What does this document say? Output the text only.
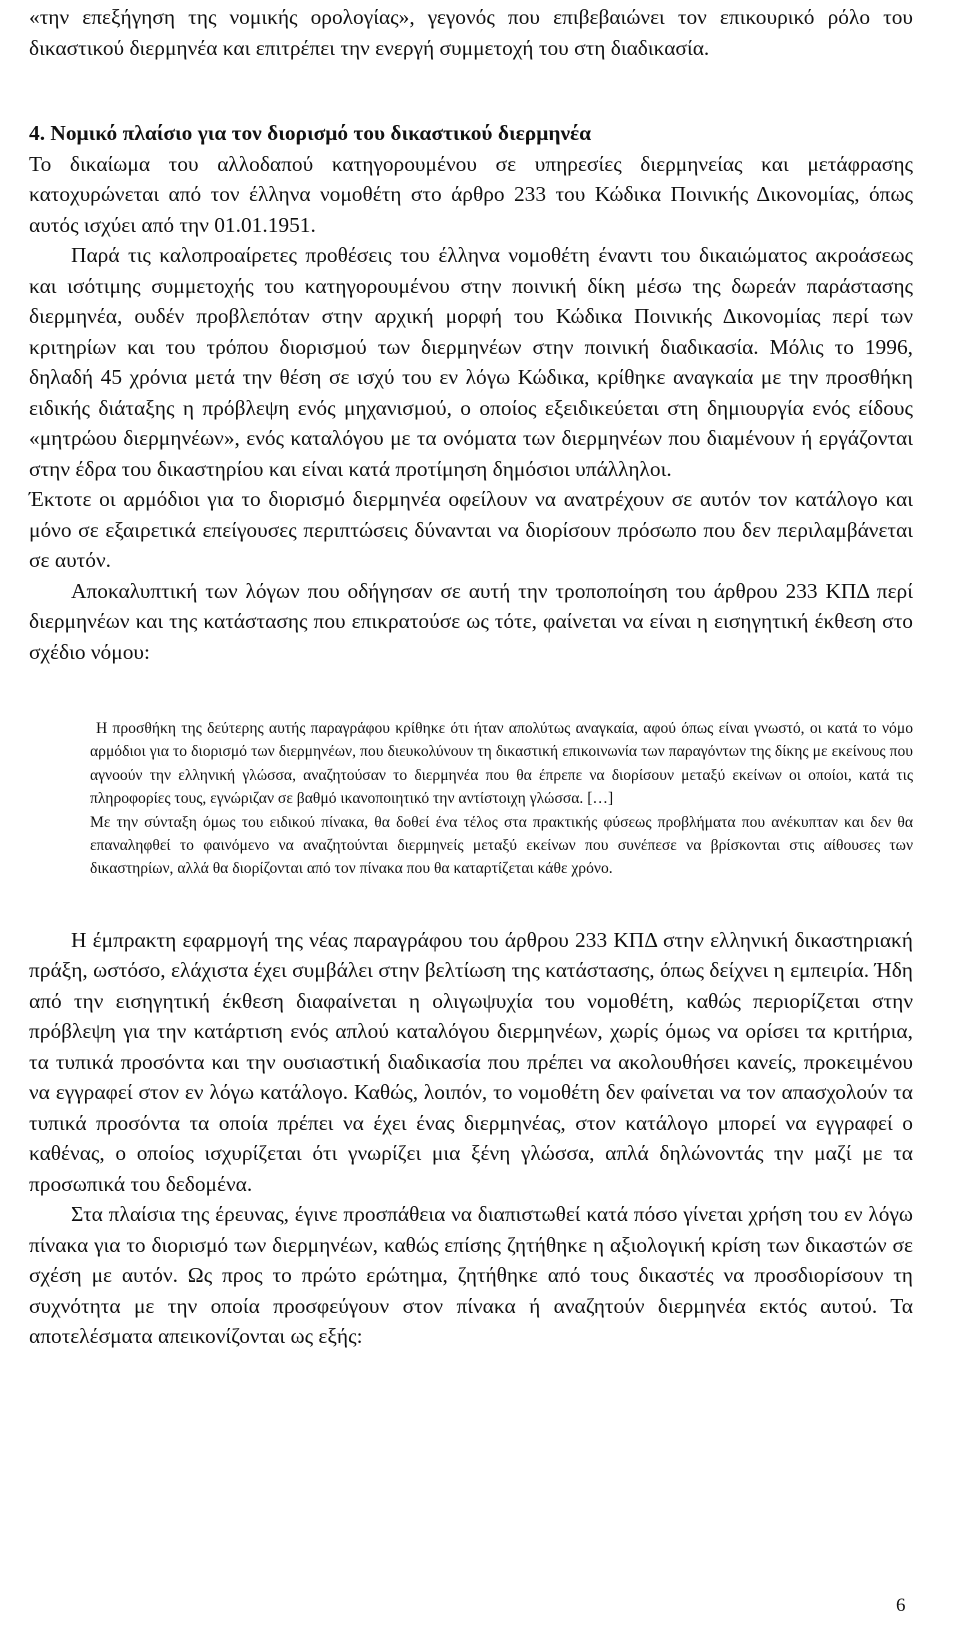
«την επεξήγηση της νομικής ορολογίας», γεγονός που επιβεβαιώνει τον επικουρικό ρόλο του δικαστικού διερμηνέα και επιτρέπει την ενεργή συμμετοχή του στη διαδικασία.

4. Νομικό πλαίσιο για τον διορισμό του δικαστικού διερμηνέα

Το δικαίωμα του αλλοδαπού κατηγορουμένου σε υπηρεσίες διερμηνείας και μετάφρασης κατοχυρώνεται από τον έλληνα νομοθέτη στο άρθρο 233 του Κώδικα Ποινικής Δικονομίας, όπως αυτός ισχύει από την 01.01.1951.

Παρά τις καλοπροαίρετες προθέσεις του έλληνα νομοθέτη έναντι του δικαιώματος ακροάσεως και ισότιμης συμμετοχής του κατηγορουμένου στην ποινική δίκη μέσω της δωρεάν παράστασης διερμηνέα, ουδέν προβλεπόταν στην αρχική μορφή του Κώδικα Ποινικής Δικονομίας περί των κριτηρίων και του τρόπου διορισμού των διερμηνέων στην ποινική διαδικασία. Μόλις το 1996, δηλαδή 45 χρόνια μετά την θέση σε ισχύ του εν λόγω Κώδικα, κρίθηκε αναγκαία με την προσθήκη ειδικής διάταξης η πρόβλεψη ενός μηχανισμού, ο οποίος εξειδικεύεται στη δημιουργία ενός είδους «μητρώου διερμηνέων», ενός καταλόγου με τα ονόματα των διερμηνέων που διαμένουν ή εργάζονται στην έδρα του δικαστηρίου και είναι κατά προτίμηση δημόσιοι υπάλληλοι.

Έκτοτε οι αρμόδιοι για το διορισμό διερμηνέα οφείλουν να ανατρέχουν σε αυτόν τον κατάλογο και μόνο σε εξαιρετικά επείγουσες περιπτώσεις δύνανται να διορίσουν πρόσωπο που δεν περιλαμβάνεται σε αυτόν.

Αποκαλυπτική των λόγων που οδήγησαν σε αυτή την τροποποίηση του άρθρου 233 ΚΠΔ περί διερμηνέων και της κατάστασης που επικρατούσε ως τότε, φαίνεται να είναι η εισηγητική έκθεση στο σχέδιο νόμου:

Η προσθήκη της δεύτερης αυτής παραγράφου κρίθηκε ότι ήταν απολύτως αναγκαία, αφού όπως είναι γνωστό, οι κατά το νόμο αρμόδιοι για το διορισμό των διερμηνέων, που διευκολύνουν τη δικαστική επικοινωνία των παραγόντων της δίκης με εκείνους που αγνοούν την ελληνική γλώσσα, αναζητούσαν το διερμηνέα που θα έπρεπε να διορίσουν μεταξύ εκείνων οι οποίοι, κατά τις πληροφορίες τους, εγνώριζαν σε βαθμό ικανοποιητικό την αντίστοιχη γλώσσα. […]

Με την σύνταξη όμως του ειδικού πίνακα, θα δοθεί ένα τέλος στα πρακτικής φύσεως προβλήματα που ανέκυπταν και δεν θα επαναληφθεί το φαινόμενο να αναζητούνται διερμηνείς μεταξύ εκείνων που συνέπεσε να βρίσκονται στις αίθουσες των δικαστηρίων, αλλά θα διορίζονται από τον πίνακα που θα καταρτίζεται κάθε χρόνο.

Η έμπρακτη εφαρμογή της νέας παραγράφου του άρθρου 233 ΚΠΔ στην ελληνική δικαστηριακή πράξη, ωστόσο, ελάχιστα έχει συμβάλει στην βελτίωση της κατάστασης, όπως δείχνει η εμπειρία. Ήδη από την εισηγητική έκθεση διαφαίνεται η ολιγωψυχία του νομοθέτη, καθώς περιορίζεται στην πρόβλεψη για την κατάρτιση ενός απλού καταλόγου διερμηνέων, χωρίς όμως να ορίσει τα κριτήρια, τα τυπικά προσόντα και την ουσιαστική διαδικασία που πρέπει να ακολουθήσει κανείς, προκειμένου να εγγραφεί στον εν λόγω κατάλογο. Καθώς, λοιπόν, το νομοθέτη δεν φαίνεται να τον απασχολούν τα τυπικά προσόντα τα οποία πρέπει να έχει ένας διερμηνέας, στον κατάλογο μπορεί να εγγραφεί ο καθένας, ο οποίος ισχυρίζεται ότι γνωρίζει μια ξένη γλώσσα, απλά δηλώνοντάς την μαζί με τα προσωπικά του δεδομένα.

Στα πλαίσια της έρευνας, έγινε προσπάθεια να διαπιστωθεί κατά πόσο γίνεται χρήση του εν λόγω πίνακα για το διορισμό των διερμηνέων, καθώς επίσης ζητήθηκε η αξιολογική κρίση των δικαστών σε σχέση με αυτόν. Ως προς το πρώτο ερώτημα, ζητήθηκε από τους δικαστές να προσδιορίσουν τη συχνότητα με την οποία προσφεύγουν στον πίνακα ή αναζητούν διερμηνέα εκτός αυτού. Τα αποτελέσματα απεικονίζονται ως εξής:

6
